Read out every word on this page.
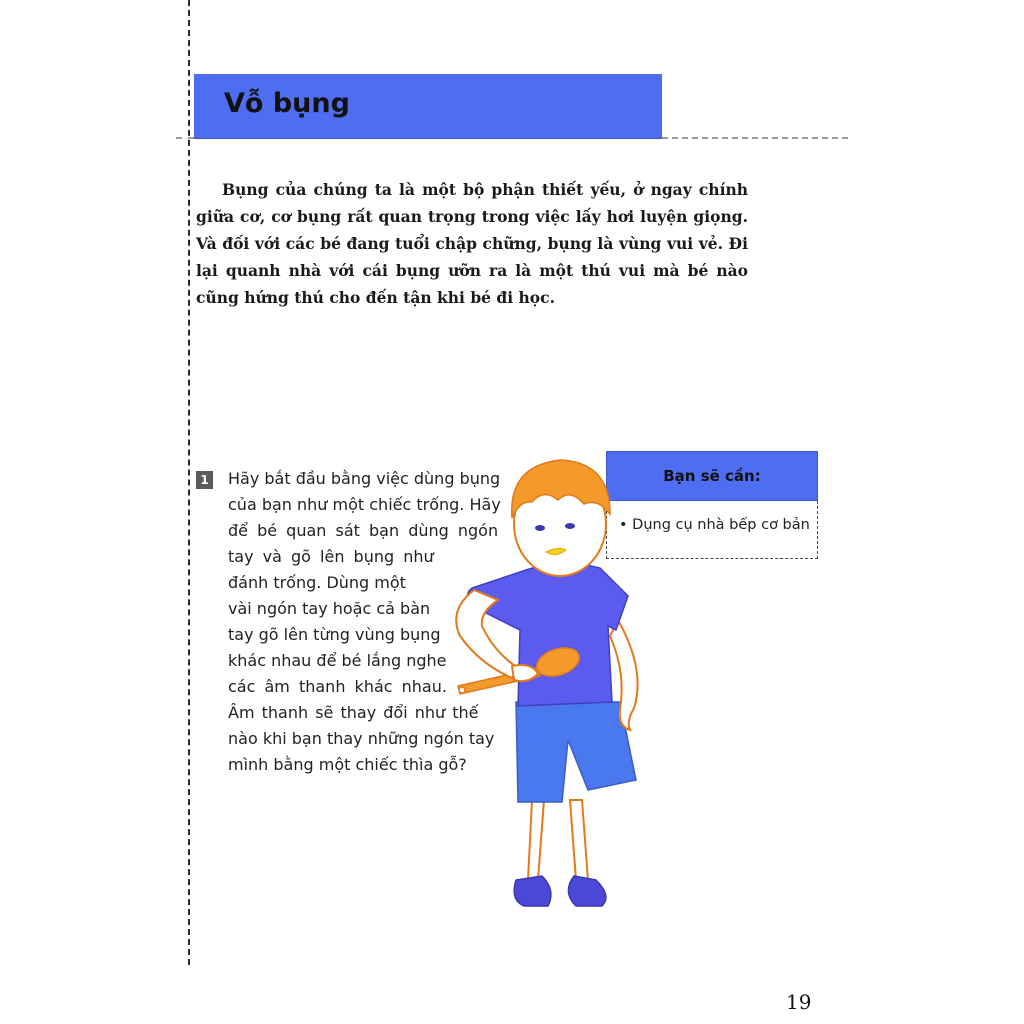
Vỗ bụng

Bụng của chúng ta là một bộ phận thiết yếu, ở ngay chính giữa cơ, cơ bụng rất quan trọng trong việc lấy hơi luyện giọng. Và đối với các bé đang tuổi chập chững, bụng là vùng vui vẻ. Đi lại quanh nhà với cái bụng ưỡn ra là một thú vui mà bé nào cũng hứng thú cho đến tận khi bé đi học.

1 Hãy bắt đầu bằng việc dùng bụng
của bạn như một chiếc trống. Hãy
để bé quan sát bạn dùng ngón
tay và gõ lên bụng như
đánh trống. Dùng một
vài ngón tay hoặc cả bàn
tay gõ lên từng vùng bụng
khác nhau để bé lắng nghe
các âm thanh khác nhau.
Âm thanh sẽ thay đổi như thế
nào khi bạn thay những ngón tay
mình bằng một chiếc thìa gỗ?
Bạn sẽ cần:
• Dụng cụ nhà bếp cơ bản
19
